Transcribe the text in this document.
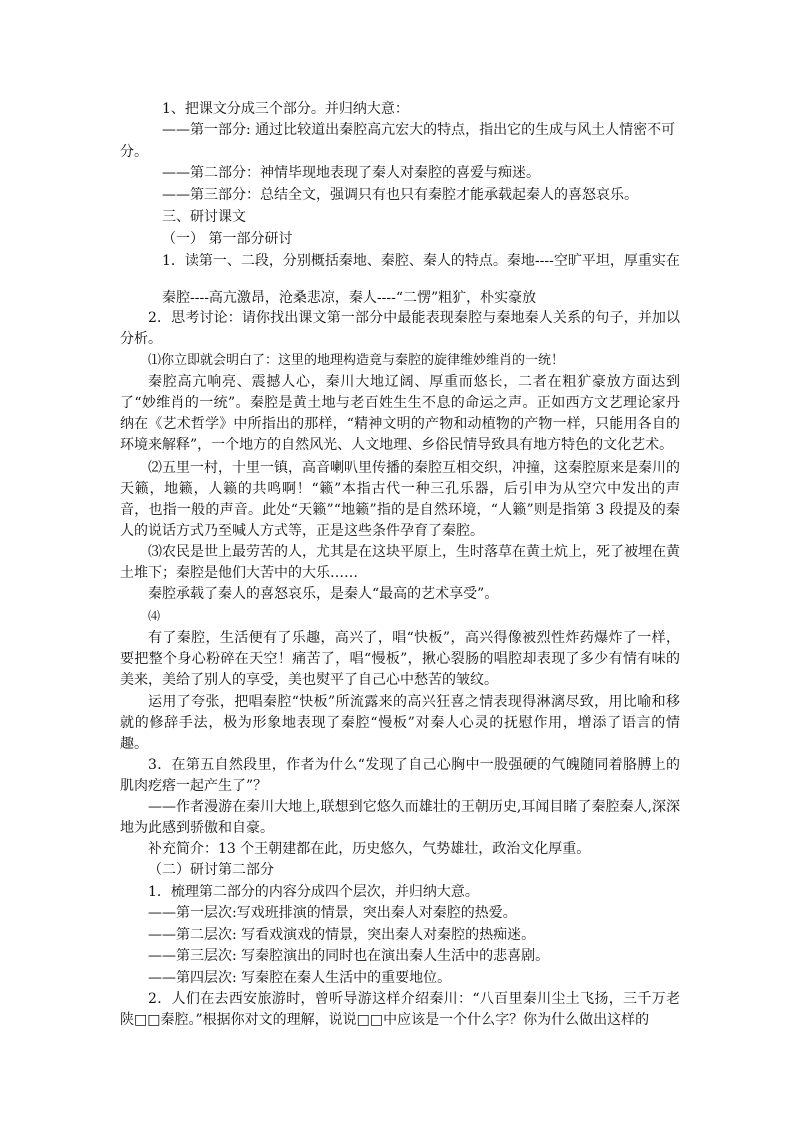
1、把课文分成三个部分。并归纳大意：
——第一部分: 通过比较道出秦腔高亢宏大的特点，指出它的生成与风土人情密不可
分。
——第二部分：神情毕现地表现了秦人对秦腔的喜爱与痴迷。
——第三部分：总结全文，强调只有也只有秦腔才能承载起秦人的喜怒哀乐。
三、研讨课文
（一） 第一部分研讨
1．读第一、二段，分别概括秦地、秦腔、秦人的特点。秦地----空旷平坦，厚重实在
秦腔----高亢激昂，沧桑悲凉，秦人----“二愣”粗犷，朴实豪放
2．思考讨论：请你找出课文第一部分中最能表现秦腔与秦地秦人关系的句子，并加以分析。
⑴你立即就会明白了：这里的地理构造竟与秦腔的旋律维妙维肖的一统！
秦腔高亢响亮、震撼人心，秦川大地辽阔、厚重而悠长，二者在粗犷豪放方面达到了“妙维肖的一统”。秦腔是黄土地与老百姓生生不息的命运之声。正如西方文艺理论家丹纳在《艺术哲学》中所指出的那样，“精神文明的产物和动植物的产物一样，只能用各自的环境来解释”，一个地方的自然风光、人文地理、乡俗民情导致具有地方特色的文化艺术。
⑵五里一村，十里一镇，高音喇叭里传播的秦腔互相交织，冲撞，这秦腔原来是秦川的天籁，地籁，人籁的共鸣啊！“籁”本指古代一种三孔乐器，后引申为从空穴中发出的声音，也指一般的声音。此处“天籁”“地籁”指的是自然环境，“人籁”则是指第 3 段提及的秦人的说话方式乃至喊人方式等，正是这些条件孕育了秦腔。
⑶农民是世上最劳苦的人，尤其是在这块平原上，生时落草在黄土炕上，死了被埋在黄土堆下；秦腔是他们大苦中的大乐……
秦腔承载了秦人的喜怒哀乐，是秦人“最高的艺术享受”。
⑷
有了秦腔，生活便有了乐趣，高兴了，唱“快板”，高兴得像被烈性炸药爆炸了一样，要把整个身心粉碎在天空！痛苦了，唱“慢板”，揪心裂肠的唱腔却表现了多少有情有味的美来，美给了别人的享受，美也熨平了自己心中愁苦的皱纹。
运用了夸张，把唱秦腔“快板”所流露来的高兴狂喜之情表现得淋漓尽致，用比喻和移就的修辞手法，极为形象地表现了秦腔“慢板”对秦人心灵的抚慰作用，增添了语言的情趣。
3．在第五自然段里，作者为什么“发现了自己心胸中一股强硬的气魄随同着胳膊上的肌肉疙瘩一起产生了”？
——作者漫游在秦川大地上,联想到它悠久而雄壮的王朝历史,耳闻目睹了秦腔秦人,深深地为此感到骄傲和自豪。
补充简介：13 个王朝建都在此，历史悠久，气势雄壮，政治文化厚重。
（二）研讨第二部分
1．梳理第二部分的内容分成四个层次，并归纳大意。
——第一层次:写戏班排演的情景，突出秦人对秦腔的热爱。
——第二层次: 写看戏演戏的情景，突出秦人对秦腔的热痴迷。
——第三层次: 写秦腔演出的同时也在演出秦人生活中的悲喜剧。
——第四层次: 写秦腔在秦人生活中的重要地位。
2．人们在去西安旅游时，曾听导游这样介绍秦川：“八百里秦川尘土飞扬，三千万老陕□□秦腔。”根据你对文的理解，说说□□中应该是一个什么字？你为什么做出这样的
